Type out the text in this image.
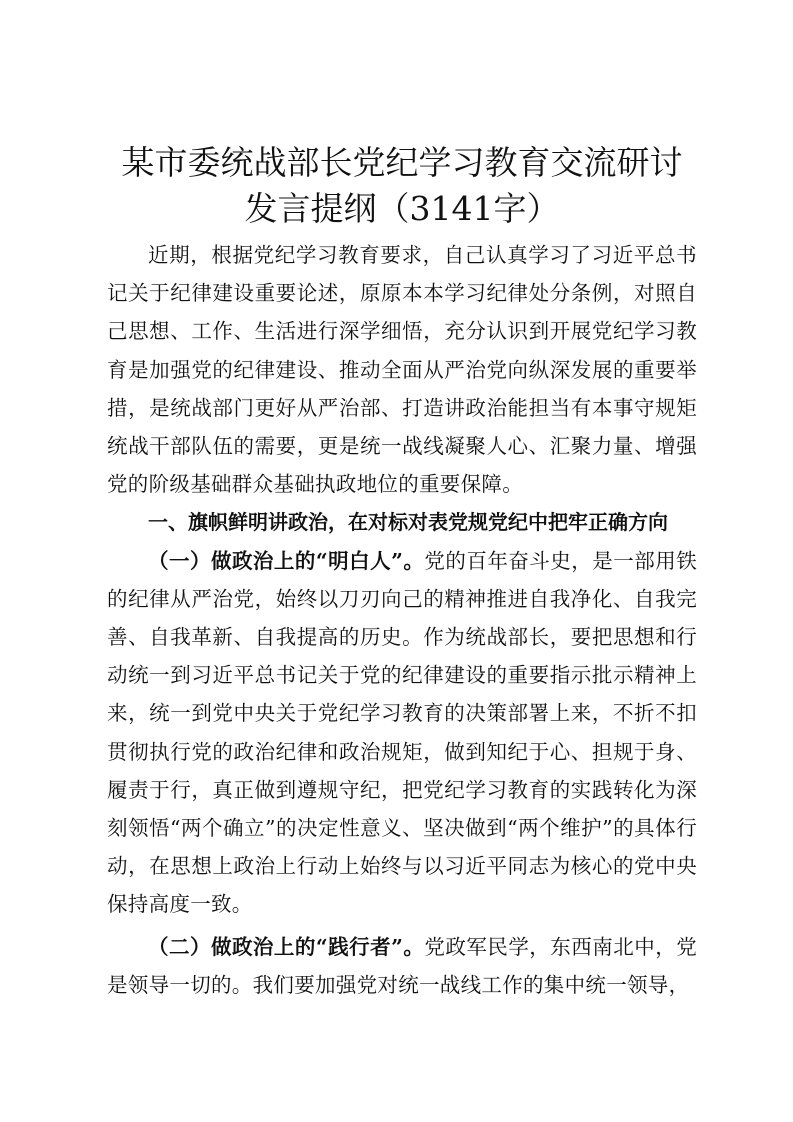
某市委统战部长党纪学习教育交流研讨发言提纲（3141字）

近期，根据党纪学习教育要求，自己认真学习了习近平总书记关于纪律建设重要论述，原原本本学习纪律处分条例，对照自己思想、工作、生活进行深学细悟，充分认识到开展党纪学习教育是加强党的纪律建设、推动全面从严治党向纵深发展的重要举措，是统战部门更好从严治部、打造讲政治能担当有本事守规矩统战干部队伍的需要，更是统一战线凝聚人心、汇聚力量、增强党的阶级基础群众基础执政地位的重要保障。

一、旗帜鲜明讲政治，在对标对表党规党纪中把牢正确方向

（一）做政治上的“明白人”。党的百年奋斗史，是一部用铁的纪律从严治党，始终以刀刃向己的精神推进自我净化、自我完善、自我革新、自我提高的历史。作为统战部长，要把思想和行动统一到习近平总书记关于党的纪律建设的重要指示批示精神上来，统一到党中央关于党纪学习教育的决策部署上来，不折不扣贯彻执行党的政治纪律和政治规矩，做到知纪于心、担规于身、履责于行，真正做到遵规守纪，把党纪学习教育的实践转化为深刻领悟“两个确立”的决定性意义、坚决做到“两个维护”的具体行动，在思想上政治上行动上始终与以习近平同志为核心的党中央保持高度一致。

（二）做政治上的“践行者”。党政军民学，东西南北中，党是领导一切的。我们要加强党对统一战线工作的集中统一领导，
